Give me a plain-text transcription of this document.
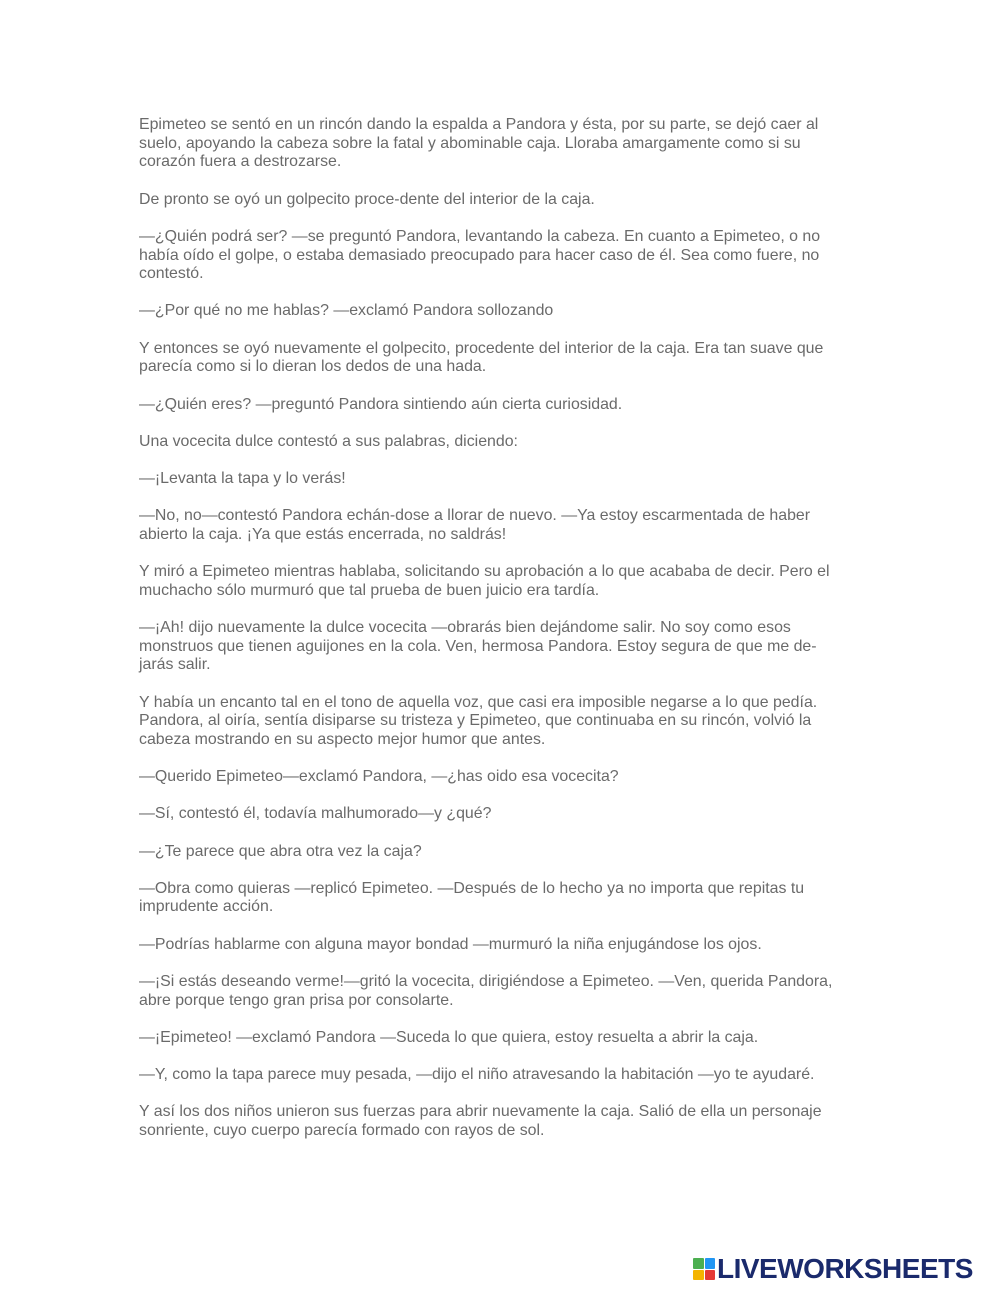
Epimeteo se sentó en un rincón dando la espalda a Pandora y ésta, por su parte, se dejó caer al
suelo, apoyando la cabeza sobre la fatal y abominable caja. Lloraba amargamente como si su
corazón fuera a destrozarse.

De pronto se oyó un golpecito proce-dente del interior de la caja.

—¿Quién podrá ser? —se preguntó Pandora, levantando la cabeza. En cuanto a Epimeteo, o no
había oído el golpe, o estaba demasiado preocupado para hacer caso de él. Sea como fuere, no
contestó.

—¿Por qué no me hablas? —exclamó Pandora sollozando

Y entonces se oyó nuevamente el golpecito, procedente del interior de la caja. Era tan suave que
parecía como si lo dieran los dedos de una hada.

—¿Quién eres? —preguntó Pandora sintiendo aún cierta curiosidad.

Una vocecita dulce contestó a sus palabras, diciendo:

—¡Levanta la tapa y lo verás!

—No, no—contestó Pandora echán-dose a llorar de nuevo. —Ya estoy escarmentada de haber
abierto la caja. ¡Ya que estás encerrada, no saldrás!

Y miró a Epimeteo mientras hablaba, solicitando su aprobación a lo que acababa de decir. Pero el
muchacho sólo murmuró que tal prueba de buen juicio era tardía.

—¡Ah! dijo nuevamente la dulce vocecita —obrarás bien dejándome salir. No soy como esos
monstruos que tienen aguijones en la cola. Ven, hermosa Pandora. Estoy segura de que me de-
jarás salir.

Y había un encanto tal en el tono de aquella voz, que casi era imposible negarse a lo que pedía.
Pandora, al oiría, sentía disiparse su tristeza y Epimeteo, que continuaba en su rincón, volvió la
cabeza mostrando en su aspecto mejor humor que antes.

—Querido Epimeteo—exclamó Pandora, —¿has oido esa vocecita?

—Sí, contestó él, todavía malhumorado—y ¿qué?

—¿Te parece que abra otra vez la caja?

—Obra como quieras —replicó Epimeteo. —Después de lo hecho ya no importa que repitas tu
imprudente acción.

—Podrías hablarme con alguna mayor bondad —murmuró la niña enjugándose los ojos.

—¡Si estás deseando verme!—gritó la vocecita, dirigiéndose a Epimeteo. —Ven, querida Pandora,
abre porque tengo gran prisa por consolarte.

—¡Epimeteo! —exclamó Pandora —Suceda lo que quiera, estoy resuelta a abrir la caja.

—Y, como la tapa parece muy pesada, —dijo el niño atravesando la habitación —yo te ayudaré.

Y así los dos niños unieron sus fuerzas para abrir nuevamente la caja. Salió de ella un personaje
sonriente, cuyo cuerpo parecía formado con rayos de sol.

LIVEWORKSHEETS
